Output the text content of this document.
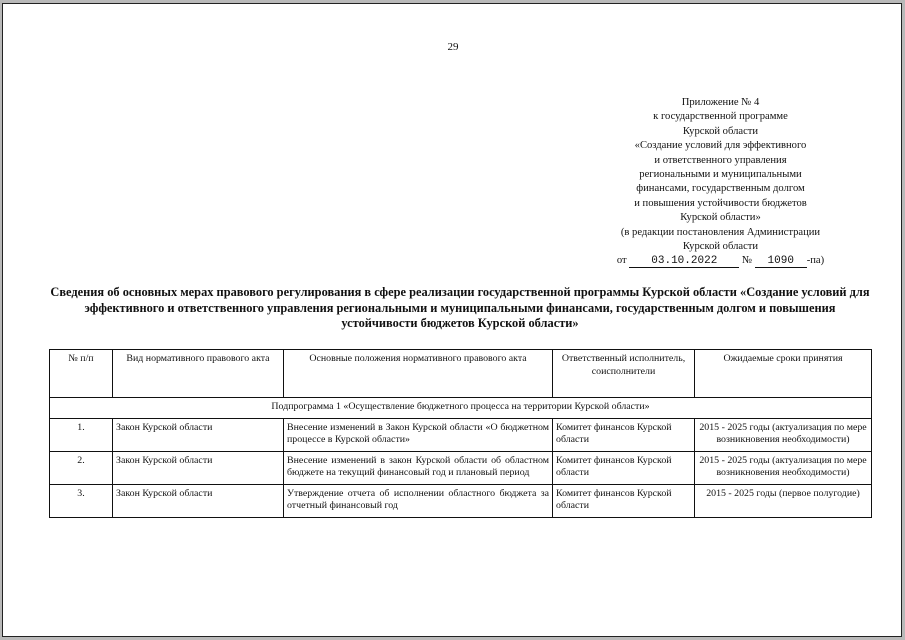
29
Приложение № 4
к государственной программе
Курской области
«Создание условий для эффективного
и ответственного управления
региональными и муниципальными
финансами, государственным долгом
и повышения устойчивости бюджетов
Курской области»
(в редакции постановления Администрации
Курской области
от 03.10.2022 № 1090 -па)
Сведения об основных мерах правового регулирования в сфере реализации государственной программы Курской области «Создание условий для эффективного и ответственного управления региональными и муниципальными финансами, государственным долгом и повышения устойчивости бюджетов Курской области»
№ п/п	Вид нормативного правового акта	Основные положения нормативного правового акта	Ответственный исполнитель, соисполнители	Ожидаемые сроки принятия
Подпрограмма 1 «Осуществление бюджетного процесса на территории Курской области»				
1.	Закон Курской области	Внесение изменений в Закон Курской области «О бюджетном процессе в Курской области»	Комитет финансов Курской области	2015 - 2025 годы (актуализация по мере возникновения необходимости)
2.	Закон Курской области	Внесение изменений в закон Курской области об областном бюджете на текущий финансовый год и плановый период	Комитет финансов Курской области	2015 - 2025 годы (актуализация по мере возникновения необходимости)
3.	Закон Курской области	Утверждение отчета об исполнении областного бюджета за отчетный финансовый год	Комитет финансов Курской области	2015 - 2025 годы (первое полугодие)
